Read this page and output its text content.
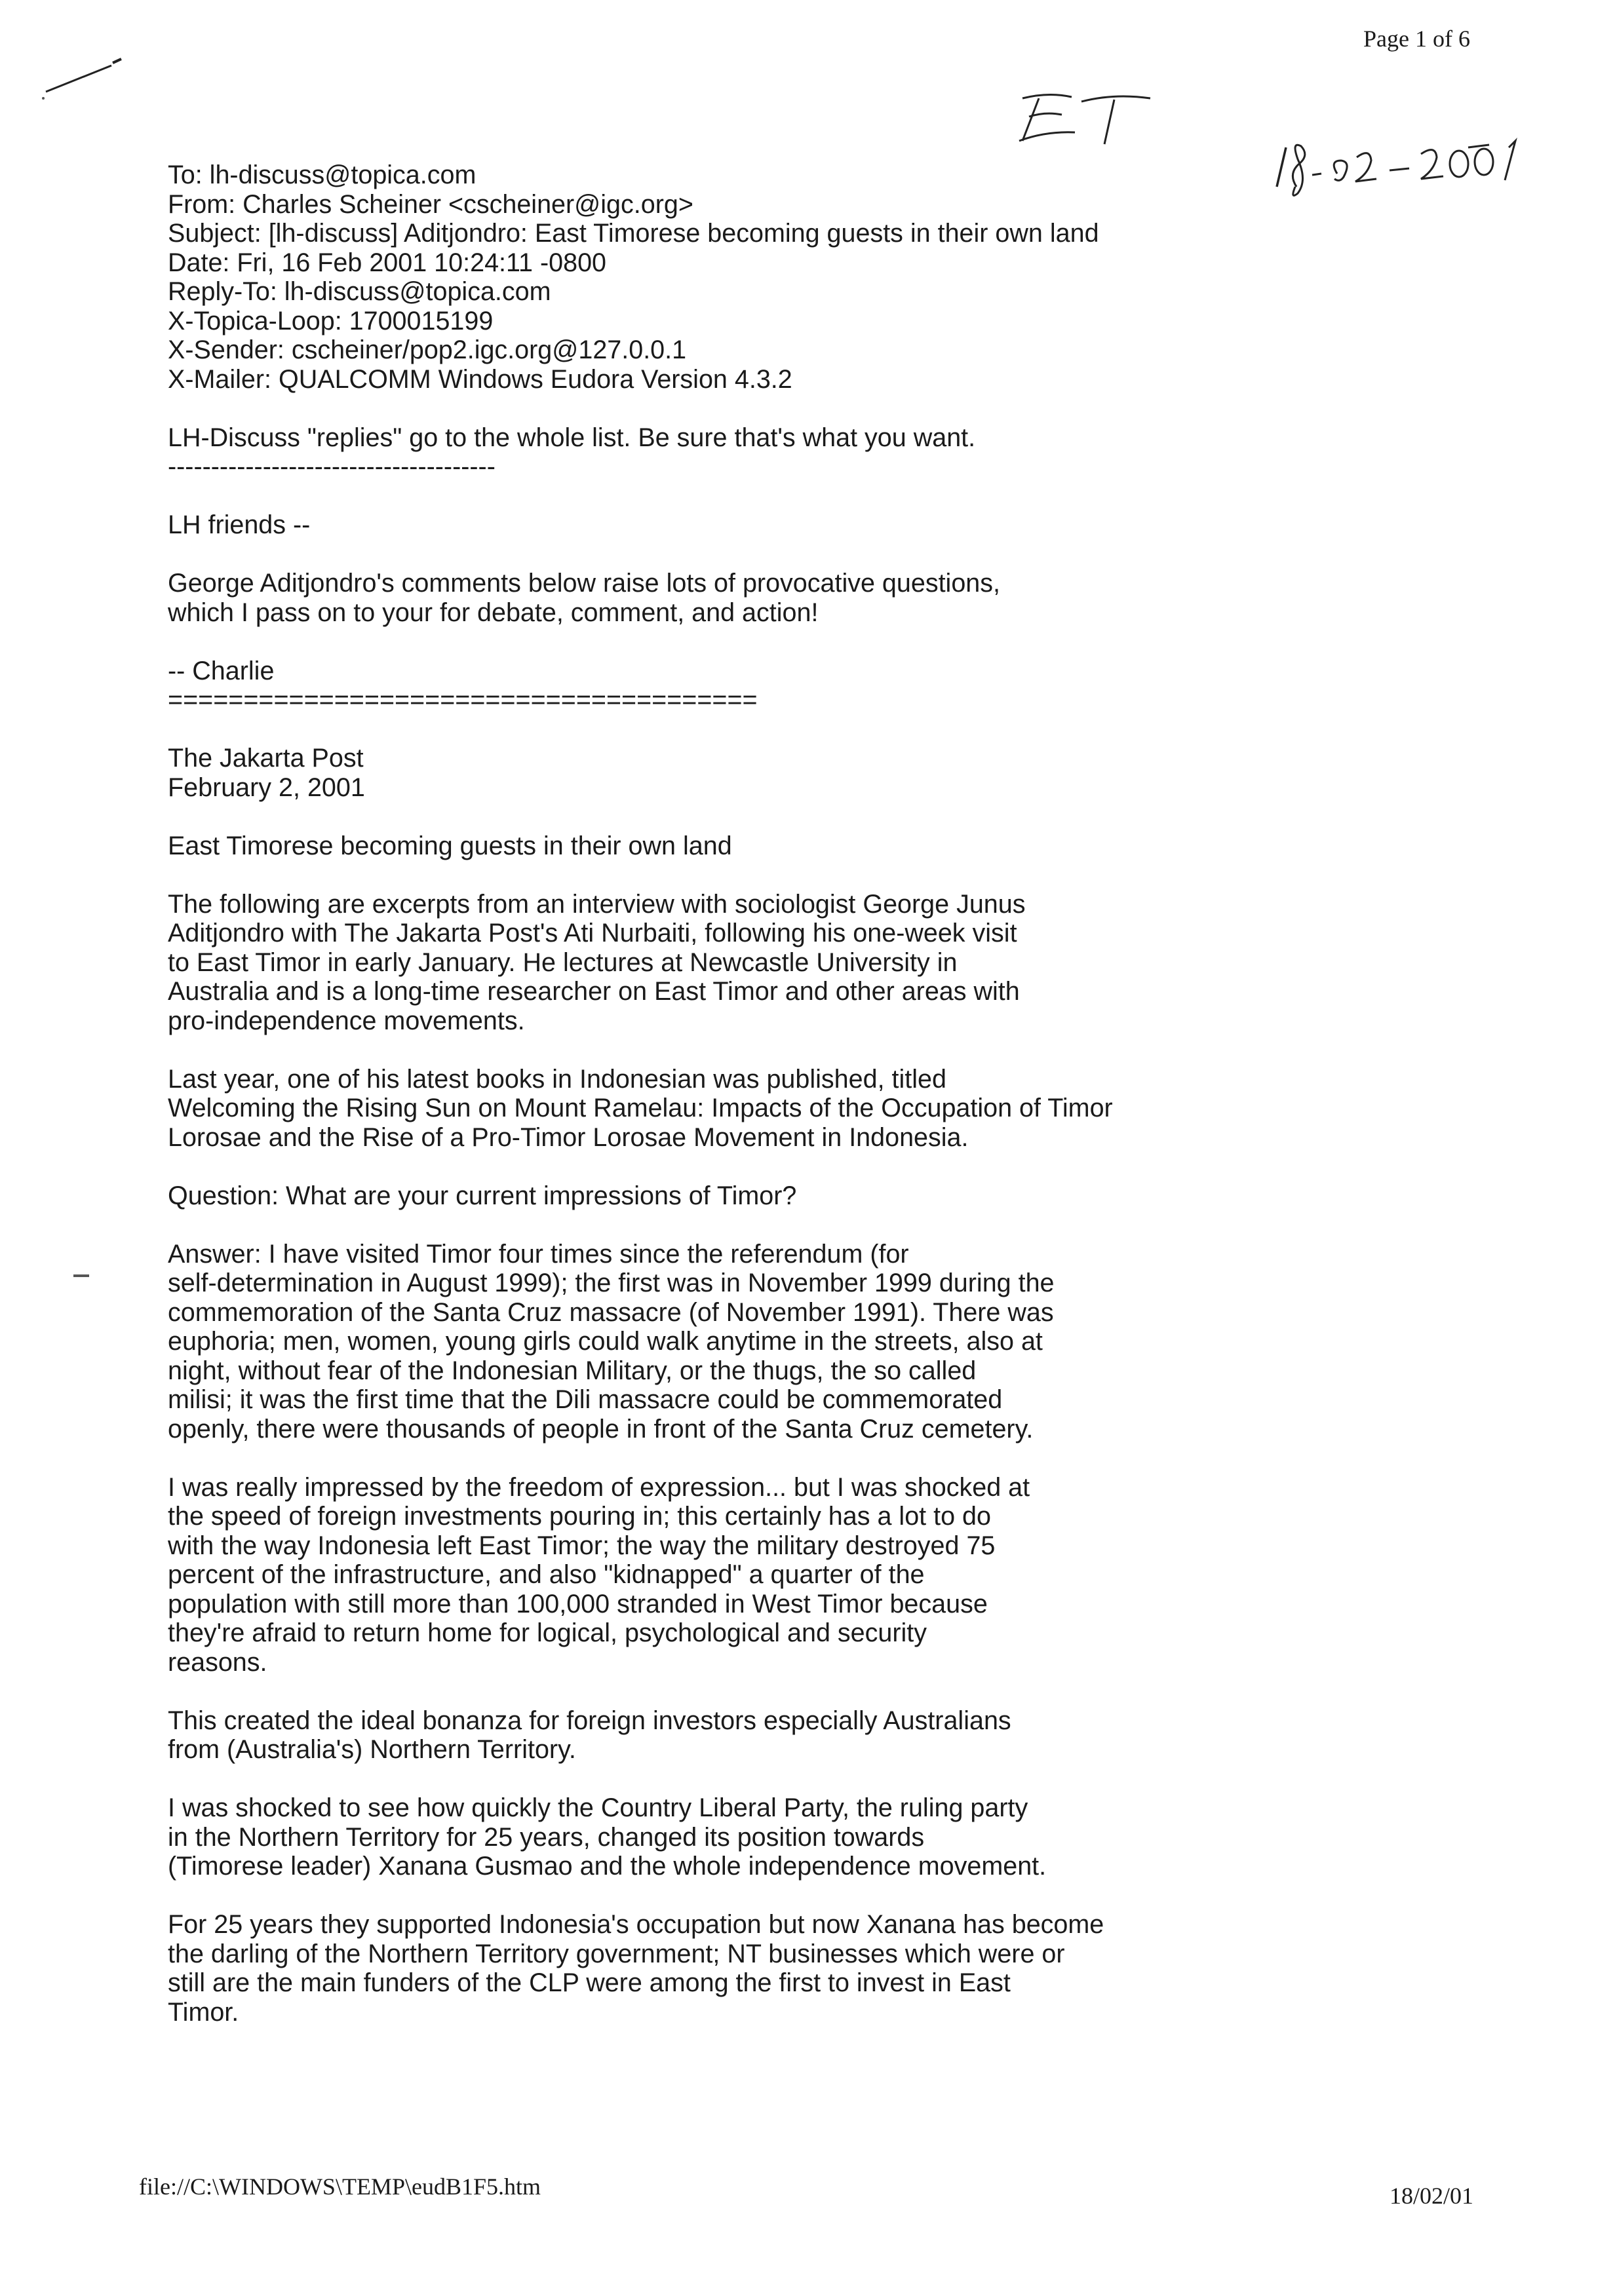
Page 1 of 6
To: lh-discuss@topica.com
From: Charles Scheiner <cscheiner@igc.org>
Subject: [lh-discuss] Aditjondro: East Timorese becoming guests in their own land
Date: Fri, 16 Feb 2001 10:24:11 -0800
Reply-To: lh-discuss@topica.com
X-Topica-Loop: 1700015199
X-Sender: cscheiner/pop2.igc.org@127.0.0.1
X-Mailer: QUALCOMM Windows Eudora Version 4.3.2
LH-Discuss "replies" go to the whole list. Be sure that's what you want.
--------------------------------------
LH friends --
George Aditjondro's comments below raise lots of provocative questions,
which I pass on to your for debate, comment, and action!
-- Charlie
=======================================
The Jakarta Post
February 2, 2001
East Timorese becoming guests in their own land
The following are excerpts from an interview with sociologist George Junus
Aditjondro with The Jakarta Post's Ati Nurbaiti, following his one-week visit
to East Timor in early January. He lectures at Newcastle University in
Australia and is a long-time researcher on East Timor and other areas with
pro-independence movements.
Last year, one of his latest books in Indonesian was published, titled
Welcoming the Rising Sun on Mount Ramelau: Impacts of the Occupation of Timor
Lorosae and the Rise of a Pro-Timor Lorosae Movement in Indonesia.
Question: What are your current impressions of Timor?
Answer: I have visited Timor four times since the referendum (for
self-determination in August 1999); the first was in November 1999 during the
commemoration of the Santa Cruz massacre (of November 1991). There was
euphoria; men, women, young girls could walk anytime in the streets, also at
night, without fear of the Indonesian Military, or the thugs, the so called
milisi; it was the first time that the Dili massacre could be commemorated
openly, there were thousands of people in front of the Santa Cruz cemetery.
I was really impressed by the freedom of expression... but I was shocked at
the speed of foreign investments pouring in; this certainly has a lot to do
with the way Indonesia left East Timor; the way the military destroyed 75
percent of the infrastructure, and also "kidnapped" a quarter of the
population with still more than 100,000 stranded in West Timor because
they're afraid to return home for logical, psychological and security
reasons.
This created the ideal bonanza for foreign investors especially Australians
from (Australia's) Northern Territory.
I was shocked to see how quickly the Country Liberal Party, the ruling party
in the Northern Territory for 25 years, changed its position towards
(Timorese leader) Xanana Gusmao and the whole independence movement.
For 25 years they supported Indonesia's occupation but now Xanana has become
the darling of the Northern Territory government; NT businesses which were or
still are the main funders of the CLP were among the first to invest in East
Timor.
file://C:\WINDOWS\TEMP\eudB1F5.htm	18/02/01
